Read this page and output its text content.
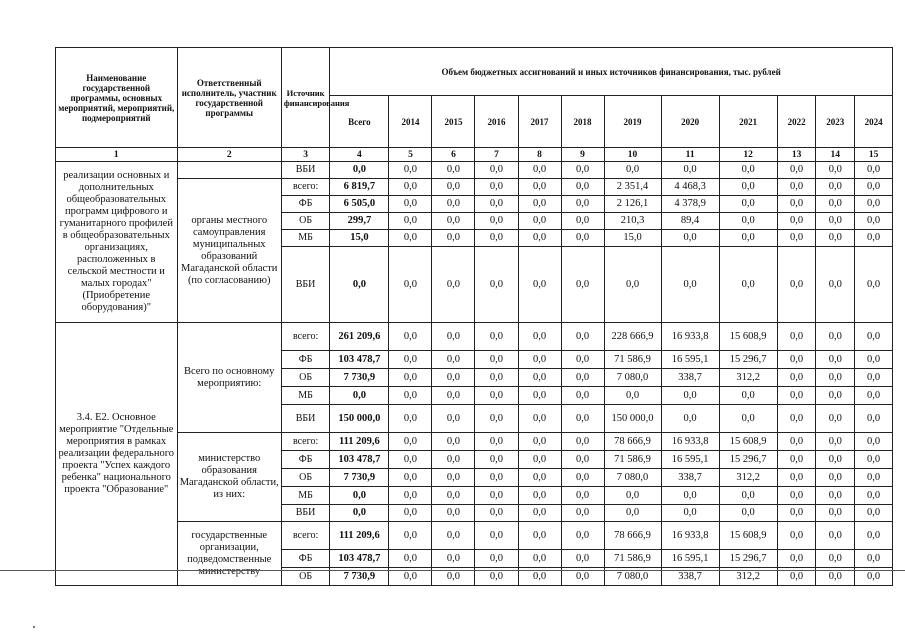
Наименование государственной программы, основных мероприятий, мероприятий, подмероприятий	Ответственный исполнитель, участник государственной программы	Источник финансирования	Объем бюджетных ассигнований и иных источников финансирования, тыс. рублей											
			Всего	2014	2015	2016	2017	2018	2019	2020	2021	2022	2023	2024
1	2	3	4	5	6	7	8	9	10	11	12	13	14	15
реализации основных и дополнительных общеобразовательных программ цифрового и гуманитарного профилей в общеобразовательных организациях, расположенных в сельской местности и малых городах" (Приобретение оборудования)"		ВБИ	0,0	0,0	0,0	0,0	0,0	0,0	0,0	0,0	0,0	0,0	0,0	0,0
	органы местного самоуправления муниципальных образований Магаданской области (по согласованию)	всего:	6 819,7	0,0	0,0	0,0	0,0	0,0	2 351,4	4 468,3	0,0	0,0	0,0	0,0
		ФБ	6 505,0	0,0	0,0	0,0	0,0	0,0	2 126,1	4 378,9	0,0	0,0	0,0	0,0
		ОБ	299,7	0,0	0,0	0,0	0,0	0,0	210,3	89,4	0,0	0,0	0,0	0,0
		МБ	15,0	0,0	0,0	0,0	0,0	0,0	15,0	0,0	0,0	0,0	0,0	0,0
		ВБИ	0,0	0,0	0,0	0,0	0,0	0,0	0,0	0,0	0,0	0,0	0,0	0,0
3.4. Е2. Основное мероприятие "Отдельные мероприятия в рамках реализации федерального проекта "Успех каждого ребенка" национального проекта "Образование"	Всего по основному мероприятию:	всего:	261 209,6	0,0	0,0	0,0	0,0	0,0	228 666,9	16 933,8	15 608,9	0,0	0,0	0,0
		ФБ	103 478,7	0,0	0,0	0,0	0,0	0,0	71 586,9	16 595,1	15 296,7	0,0	0,0	0,0
		ОБ	7 730,9	0,0	0,0	0,0	0,0	0,0	7 080,0	338,7	312,2	0,0	0,0	0,0
		МБ	0,0	0,0	0,0	0,0	0,0	0,0	0,0	0,0	0,0	0,0	0,0	0,0
		ВБИ	150 000,0	0,0	0,0	0,0	0,0	0,0	150 000,0	0,0	0,0	0,0	0,0	0,0
	министерство образования Магаданской области, из них:	всего:	111 209,6	0,0	0,0	0,0	0,0	0,0	78 666,9	16 933,8	15 608,9	0,0	0,0	0,0
		ФБ	103 478,7	0,0	0,0	0,0	0,0	0,0	71 586,9	16 595,1	15 296,7	0,0	0,0	0,0
		ОБ	7 730,9	0,0	0,0	0,0	0,0	0,0	7 080,0	338,7	312,2	0,0	0,0	0,0
		МБ	0,0	0,0	0,0	0,0	0,0	0,0	0,0	0,0	0,0	0,0	0,0	0,0
		ВБИ	0,0	0,0	0,0	0,0	0,0	0,0	0,0	0,0	0,0	0,0	0,0	0,0
	государственные организации, подведомственные министерству	всего:	111 209,6	0,0	0,0	0,0	0,0	0,0	78 666,9	16 933,8	15 608,9	0,0	0,0	0,0
		ФБ	103 478,7	0,0	0,0	0,0	0,0	0,0	71 586,9	16 595,1	15 296,7	0,0	0,0	0,0
		ОБ	7 730,9	0,0	0,0	0,0	0,0	0,0	7 080,0	338,7	312,2	0,0	0,0	0,0
